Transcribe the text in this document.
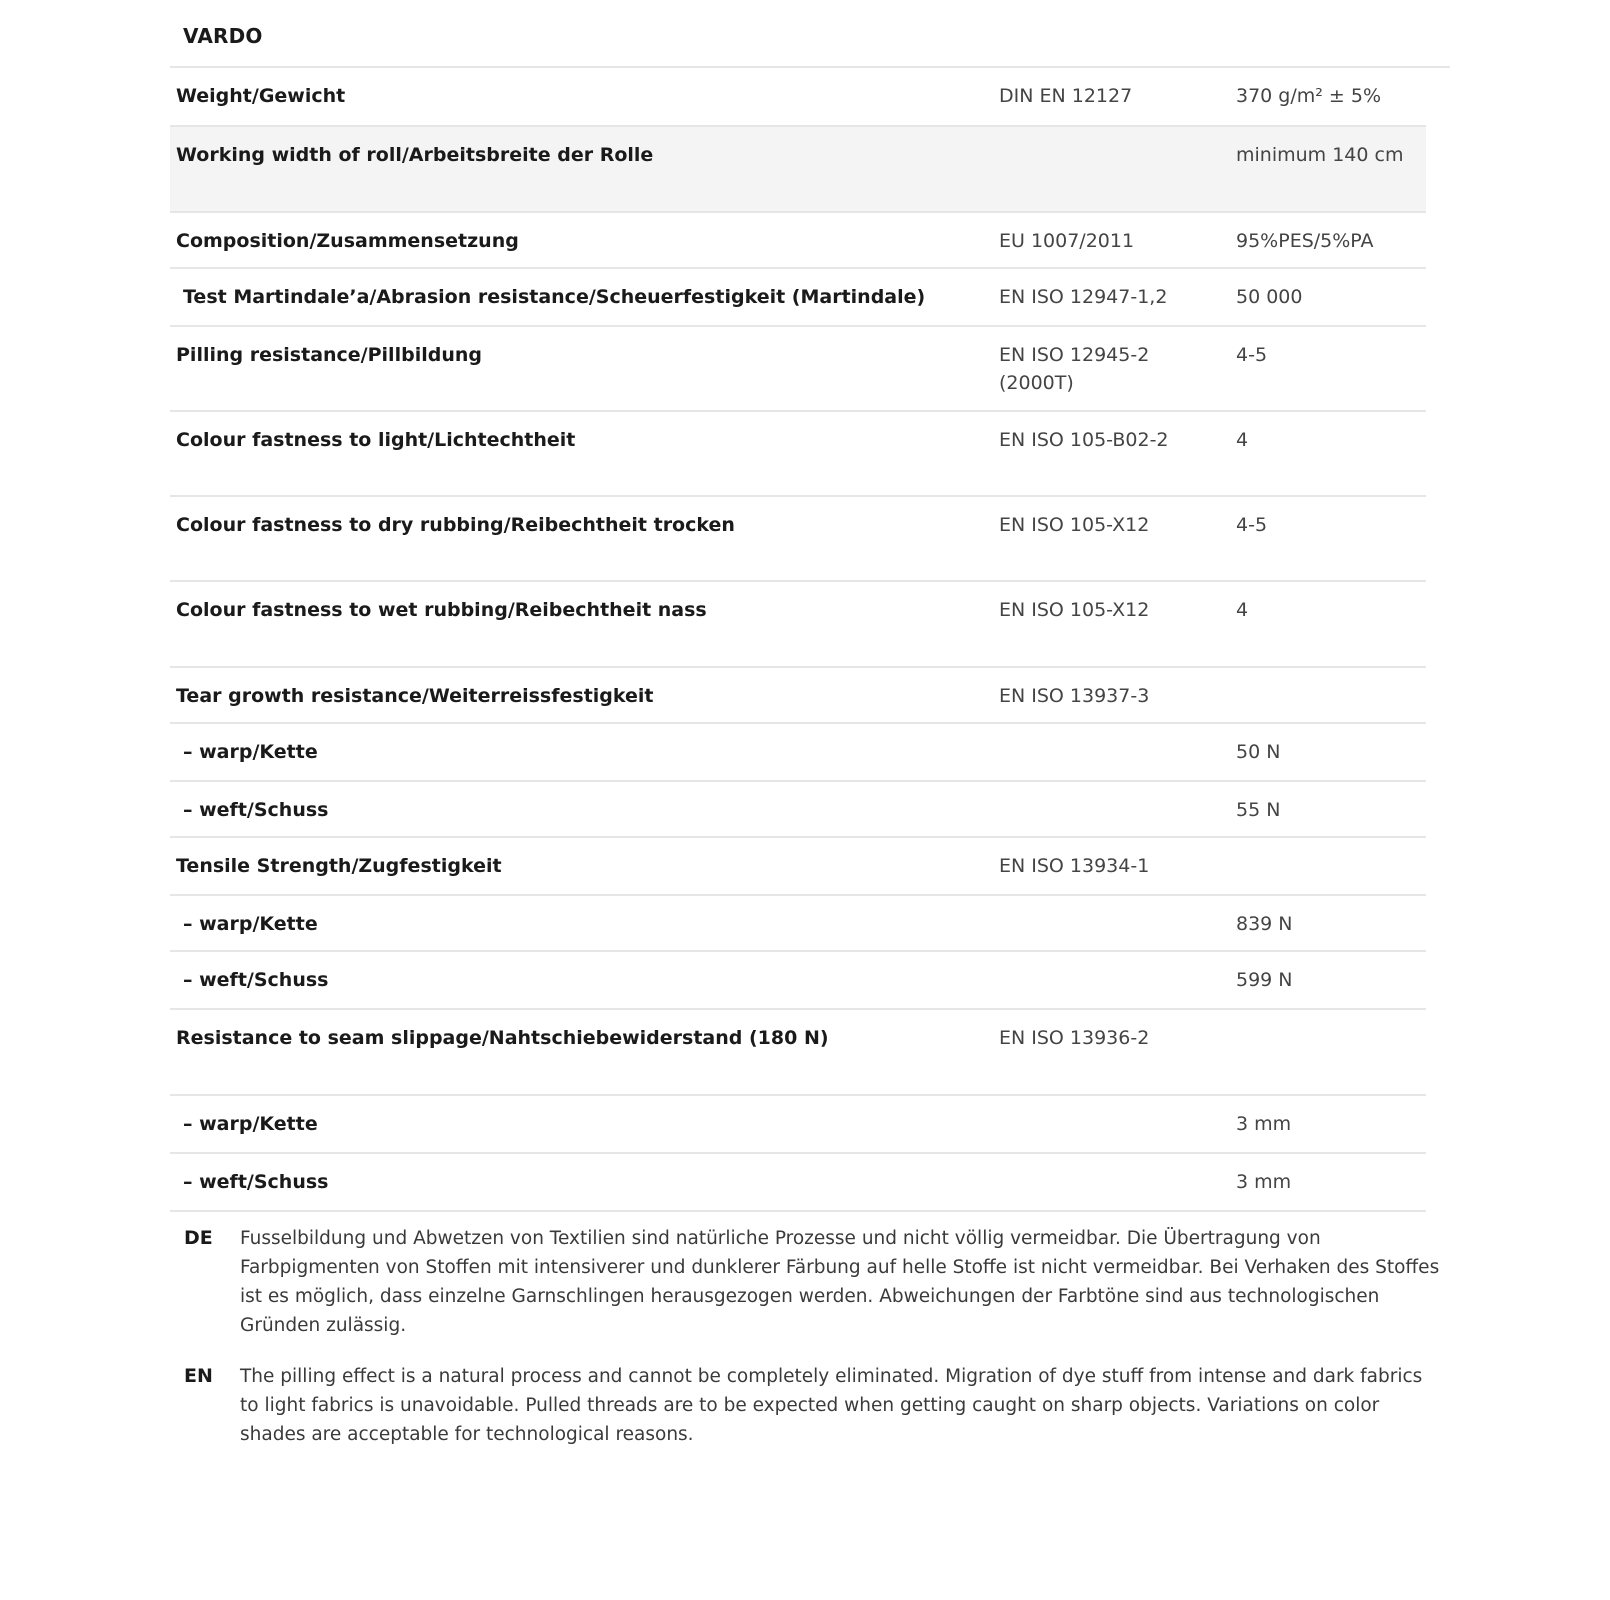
VARDO
Weight/Gewicht	DIN EN 12127	370 g/m² ± 5%
Working width of roll/Arbeitsbreite der Rolle		minimum 140 cm
Composition/Zusammensetzung	EU 1007/2011	95%PES/5%PA
Test Martindale’a/Abrasion resistance/Scheuerfestigkeit (Martindale)	EN ISO 12947-1,2	50 000
Pilling resistance/Pillbildung	EN ISO 12945-2 (2000T)	4-5
Colour fastness to light/Lichtechtheit	EN ISO 105-B02-2	4
Colour fastness to dry rubbing/Reibechtheit trocken	EN ISO 105-X12	4-5
Colour fastness to wet rubbing/Reibechtheit nass	EN ISO 105-X12	4
Tear growth resistance/Weiterreissfestigkeit	EN ISO 13937-3	
– warp/Kette		50 N
– weft/Schuss		55 N
Tensile Strength/Zugfestigkeit	EN ISO 13934-1	
– warp/Kette		839 N
– weft/Schuss		599 N
Resistance to seam slippage/Nahtschiebewiderstand (180 N)	EN ISO 13936-2	
– warp/Kette		3 mm
– weft/Schuss		3 mm
DE	Fusselbildung und Abwetzen von Textilien sind natürliche Prozesse und nicht völlig vermeidbar. Die Übertragung von Farbpigmenten von Stoffen mit intensiverer und dunklerer Färbung auf helle Stoffe ist nicht vermeidbar. Bei Verhaken des Stoffes ist es möglich, dass einzelne Garnschlingen herausgezogen werden. Abweichungen der Farbtöne sind aus technologischen Gründen zulässig.
EN	The pilling effect is a natural process and cannot be completely eliminated. Migration of dye stuff from intense and dark fabrics to light fabrics is unavoidable. Pulled threads are to be expected when getting caught on sharp objects. Variations on color shades are acceptable for technological reasons.
